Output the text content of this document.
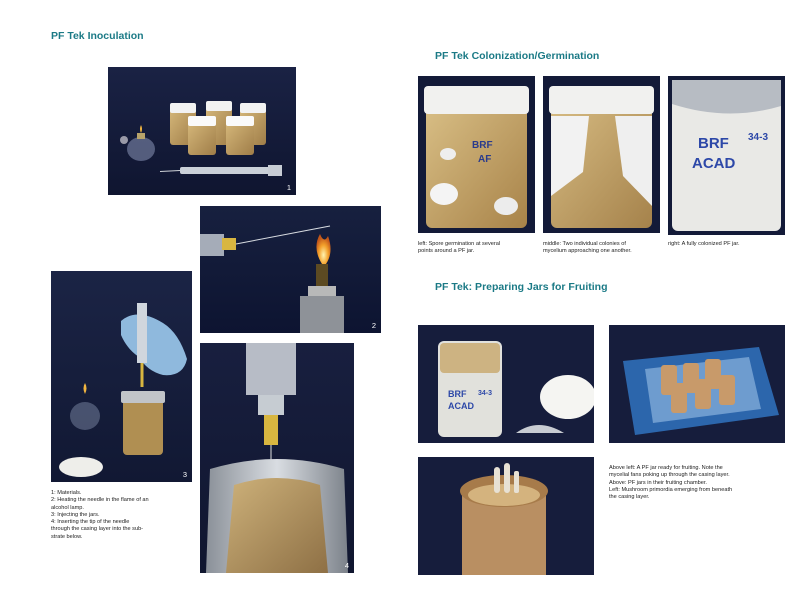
PF Tek Inoculation
PF Tek Colonization/Germination
PF Tek: Preparing Jars for Fruiting
1
2
3
4
1: Materials.
2: Heating the needle in the flame of an
alcohol lamp.
3: Injecting the jars.
4: Inserting the tip of the needle
through the casing layer into the sub-
strate below.
BRF
AF
BRF
ACAD
34-3
left: Spore germination at several
points around a PF jar.
middle: Two individual colonies of
mycelium approaching one another.
right: A fully colonized PF jar.
BRF
ACAD
34-3
Above left: A PF jar ready for fruiting. Note the
mycelial fans poking up through the casing layer.
Above: PF jars in their fruiting chamber.
Left: Mushroom primordia emerging from beneath
the casing layer.
